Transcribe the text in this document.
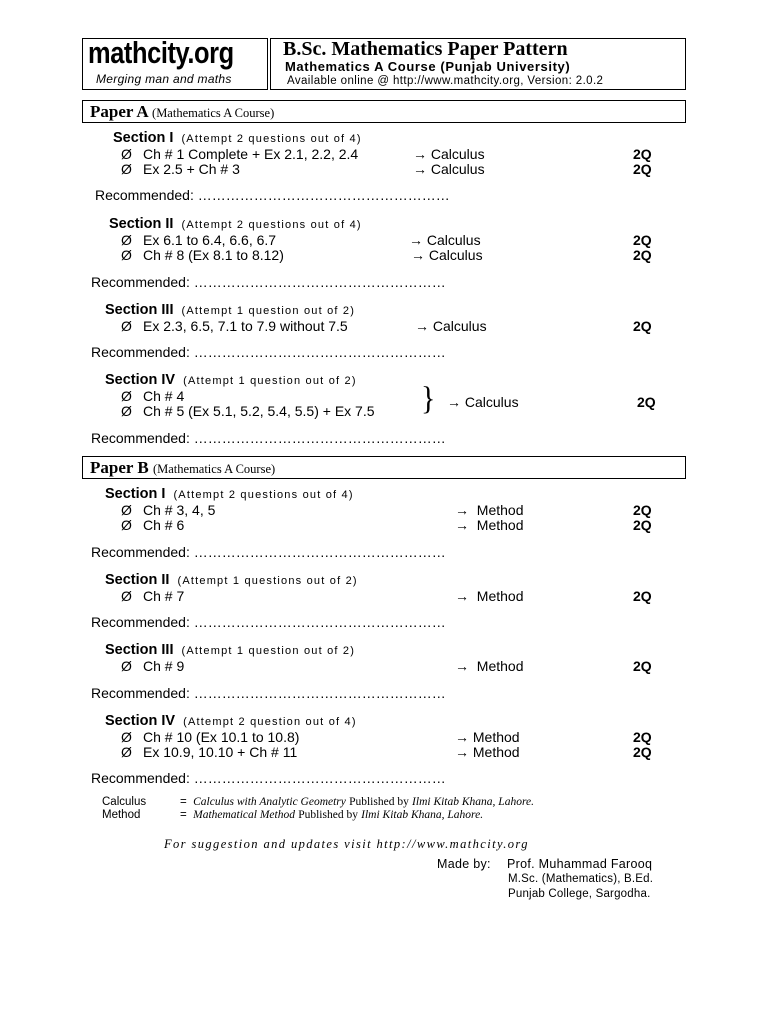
mathcity.org
Merging man and maths
B.Sc. Mathematics Paper Pattern
Mathematics A Course (Punjab University)
Available online @ http://www.mathcity.org, Version: 2.0.2
Paper A (Mathematics A Course)
Section I (Attempt 2 questions out of 4)
Ø Ch # 1 Complete + Ex 2.1, 2.2, 2.4	→ Calculus	2Q
Ø Ex 2.5 + Ch # 3	→ Calculus	2Q
Recommended: ………………………………………………
Section II (Attempt 2 questions out of 4)
Ø Ex 6.1 to 6.4, 6.6, 6.7	→ Calculus	2Q
Ø Ch # 8 (Ex 8.1 to 8.12)	→ Calculus	2Q
Recommended: ………………………………………………
Section III (Attempt 1 question out of 2)
Ø Ex 2.3, 6.5, 7.1 to 7.9 without 7.5	→ Calculus	2Q
Recommended: ………………………………………………
Section IV (Attempt 1 question out of 2)
Ø Ch # 4
Ø Ch # 5 (Ex 5.1, 5.2, 5.4, 5.5) + Ex 7.5 } → Calculus	2Q
Recommended: ………………………………………………
Paper B (Mathematics A Course)
Section I (Attempt 2 questions out of 4)
Ø Ch # 3, 4, 5	→ Method	2Q
Ø Ch # 6	→ Method	2Q
Recommended: ………………………………………………
Section II (Attempt 1 questions out of 2)
Ø Ch # 7	→ Method	2Q
Recommended: ………………………………………………
Section III (Attempt 1 question out of 2)
Ø Ch # 9	→ Method	2Q
Recommended: ………………………………………………
Section IV (Attempt 2 question out of 4)
Ø Ch # 10 (Ex 10.1 to 10.8)	→ Method	2Q
Ø Ex 10.9, 10.10 + Ch # 11	→ Method	2Q
Recommended: ………………………………………………
Calculus	= Calculus with Analytic Geometry Published by Ilmi Kitab Khana, Lahore.
Method	= Mathematical Method Published by Ilmi Kitab Khana, Lahore.
For suggestion and updates visit http://www.mathcity.org
Made by: Prof. Muhammad Farooq
M.Sc. (Mathematics), B.Ed.
Punjab College, Sargodha.
